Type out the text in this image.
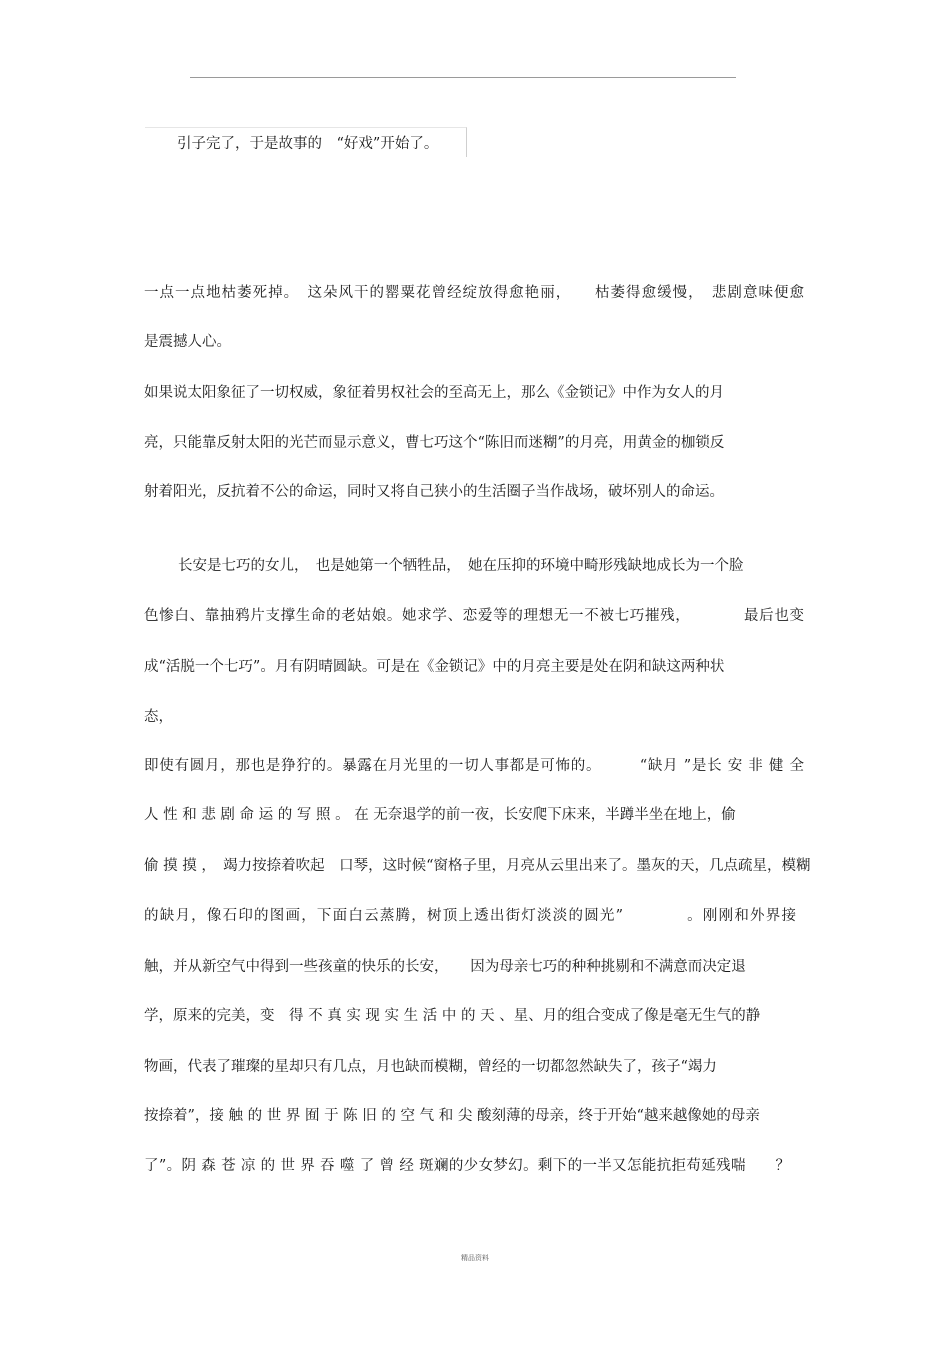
引子完了，于是故事的　“好戏”开始了。
一点一点地枯萎死掉。　这朵风干的罂粟花曾经绽放得愈艳丽，　　枯萎得愈缓慢，　悲剧意味便愈
是震撼人心。
如果说太阳象征了一切权威，象征着男权社会的至高无上，那么《金锁记》中作为女人的月
亮，只能靠反射太阳的光芒而显示意义，曹七巧这个“陈旧而迷糊”的月亮，用黄金的枷锁反
射着阳光，反抗着不公的命运，同时又将自己狭小的生活圈子当作战场，破坏别人的命运。
长安是七巧的女儿，　也是她第一个牺牲品，　她在压抑的环境中畸形残缺地成长为一个脸
色惨白、靠抽鸦片支撑生命的老姑娘。她求学、恋爱等的理想无一不被七巧摧残，　　　　最后也变
成“活脱一个七巧”。月有阴晴圆缺。可是在《金锁记》中的月亮主要是处在阴和缺这两种状
态，
即使有圆月，那也是狰狞的。暴露在月光里的一切人事都是可怖的。　　　“缺月 ”是长 安 非 健 全
人 性 和 悲 剧 命 运 的 写 照 。 在 无奈退学的前一夜，长安爬下床来，半蹲半坐在地上，偷
偷 摸 摸 ，　竭力按捺着吹起　口琴，这时候“窗格子里，月亮从云里出来了。墨灰的天，几点疏星，模糊
的缺月，像石印的图画，下面白云蒸腾，树顶上透出街灯淡淡的圆光”　　　　。刚刚和外界接
触，并从新空气中得到一些孩童的快乐的长安，　　因为母亲七巧的种种挑剔和不满意而决定退
学，原来的完美，变　得 不 真 实 现 实 生 活 中 的 天 、星、月的组合变成了像是毫无生气的静
物画，代表了璀璨的星却只有几点，月也缺而模糊，曾经的一切都忽然缺失了，孩子“竭力
按捺着”，接 触 的 世 界 囿 于 陈 旧 的 空 气 和 尖 酸刻薄的母亲，终于开始“越来越像她的母亲
了”。阴 森 苍 凉 的 世 界 吞 噬 了 曾 经 斑斓的少女梦幻。剩下的一半又怎能抗拒苟延残喘　　？
精品资料
